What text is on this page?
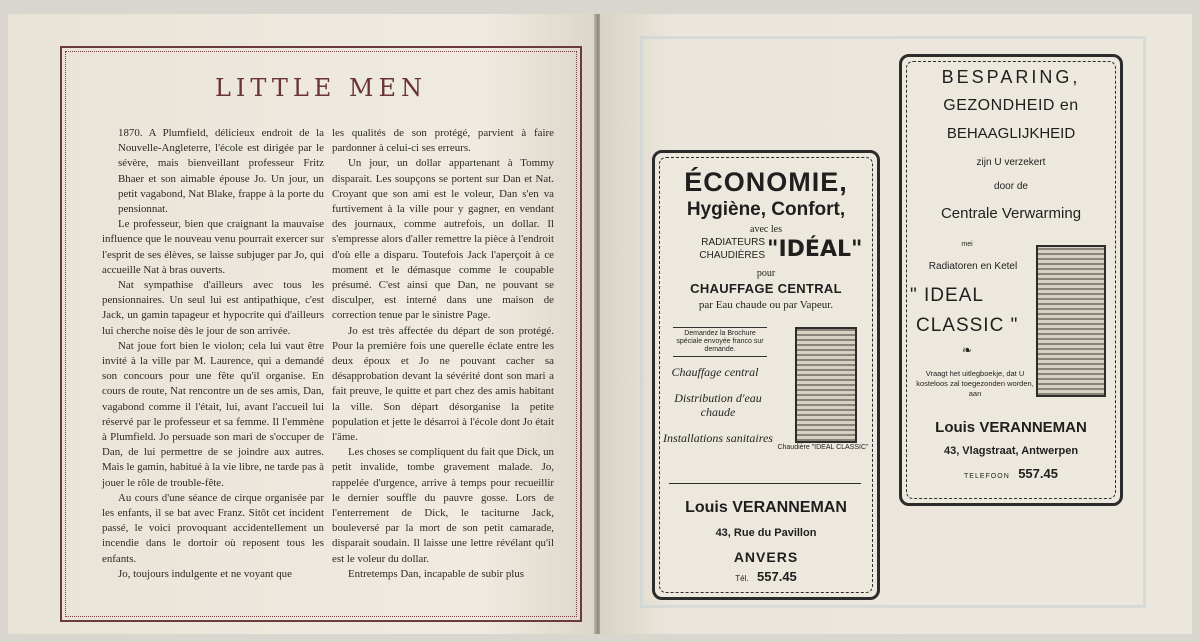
LITTLE MEN

1870. A Plumfield, délicieux endroit de la Nouvelle-Angleterre, l'école est dirigée par le sévère, mais bienveillant professeur Fritz Bhaer et son aimable épouse Jo. Un jour, un petit vagabond, Nat Blake, frappe à la porte du pensionnat.

Le professeur, bien que craignant la mauvaise influence que le nouveau venu pourrait exercer sur l'esprit de ses élèves, se laisse subjuger par Jo, qui accueille Nat à bras ouverts.

Nat sympathise d'ailleurs avec tous les pensionnaires. Un seul lui est antipathique, c'est Jack, un gamin tapageur et hypocrite qui d'ailleurs lui cherche noise dès le jour de son arrivée.

Nat joue fort bien le violon; cela lui vaut être invité à la ville par M. Laurence, qui a demandé son concours pour une fête qu'il organise. En cours de route, Nat rencontre un de ses amis, Dan, vagabond comme il l'était, lui, avant l'accueil lui réservé par le professeur et sa femme. Il l'emmène à Plumfield. Jo persuade son mari de s'occuper de Dan, de lui permettre de se joindre aux autres. Mais le gamin, habitué à la vie libre, ne tarde pas à jouer le rôle de trouble-fête.

Au cours d'une séance de cirque organisée par les enfants, il se bat avec Franz. Sitôt cet incident passé, le voici provoquant accidentellement un incendie dans le dortoir où reposent tous les enfants.

Jo, toujours indulgente et ne voyant que

les qualités de son protégé, parvient à faire pardonner à celui-ci ses erreurs.

Un jour, un dollar appartenant à Tommy disparait. Les soupçons se portent sur Dan et Nat. Croyant que son ami est le voleur, Dan s'en va furtivement à la ville pour y gagner, en vendant des journaux, comme autrefois, un dollar. Il s'empresse alors d'aller remettre la pièce à l'endroit d'où elle a disparu. Toutefois Jack l'aperçoit à ce moment et le démasque comme le coupable présumé. C'est ainsi que Dan, ne pouvant se disculper, est interné dans une maison de correction tenue par le sinistre Page.

Jo est très affectée du départ de son protégé. Pour la première fois une querelle éclate entre les deux époux et Jo ne pouvant cacher sa désapprobation devant la sévérité dont son mari a fait preuve, le quitte et part chez des amis habitant la ville. Son départ désorganise la petite population et jette le désarroi à l'école dont Jo était l'âme.

Les choses se compliquent du fait que Dick, un petit invalide, tombe gravement malade. Jo, rappelée d'urgence, arrive à temps pour recueillir le dernier souffle du pauvre gosse. Lors de l'enterrement de Dick, le taciturne Jack, bouleversé par la mort de son petit camarade, disparait soudain. Il laisse une lettre révélant qu'il est le voleur du dollar.

Entretemps Dan, incapable de subir plus

ÉCONOMIE,
Hygiène, Confort,
avec les
RADIATEURS
CHAUDIÈRES "IDÉAL"
pour
CHAUFFAGE CENTRAL
par Eau chaude ou par Vapeur.
Demandez la Brochure spéciale envoyée franco sur demande.
Chauffage central
Distribution d'eau chaude
Installations sanitaires
Chaudière "IDEAL CLASSIC"
Louis VERANNEMAN
43, Rue du Pavillon
ANVERS
Tél. 557.45
BESPARING,
GEZONDHEID en
BEHAAGLIJKHEID
zijn U verzekert
door de
Centrale Verwarming
mei
Radiatoren en Ketel
" IDEAL
CLASSIC "
❧
Vraagt het uitlegboekje, dat U kosteloos zal toegezonden worden, aan
Louis VERANNEMAN
43, Vlagstraat, Antwerpen
TELEFOON 557.45
